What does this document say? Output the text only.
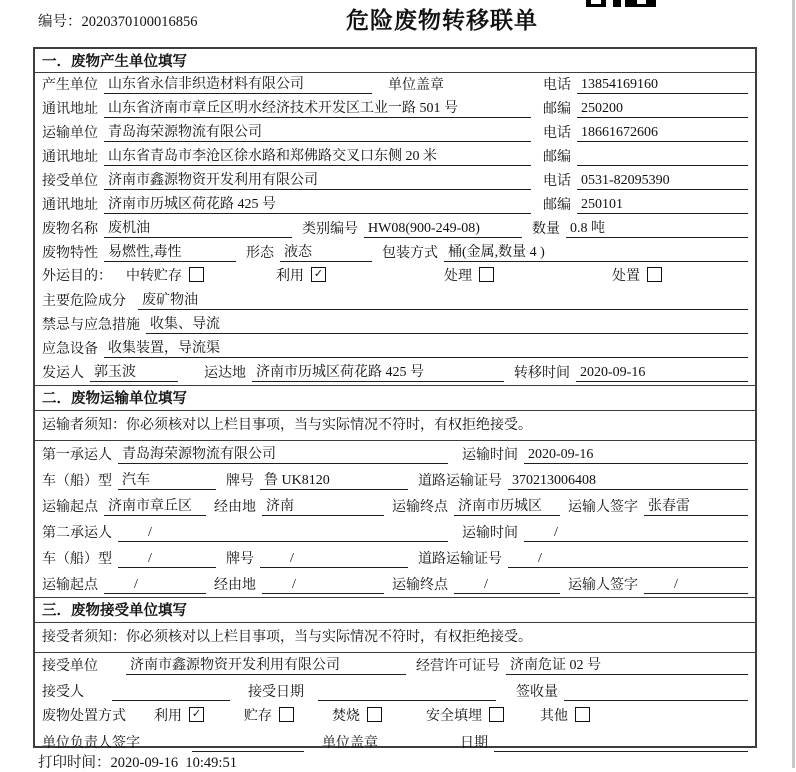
编号：2020370100016856	危险废物转移联单
一．废物产生单位填写
产生单位 山东省永信非织造材料有限公司	单位盖章	电话 13854169160
通讯地址 山东省济南市章丘区明水经济技术开发区工业一路 501 号	邮编 250200
运输单位 青岛海荣源物流有限公司	电话 18661672606
通讯地址 山东省青岛市李沧区徐水路和郑佛路交叉口东侧 20 米	邮编
接受单位 济南市鑫源物资开发利用有限公司	电话 0531-82095390
通讯地址 济南市历城区荷花路 425 号	邮编 250101
废物名称 废机油	类别编号 HW08(900-249-08)	数量 0.8 吨
废物特性 易燃性,毒性	形态 液态	包装方式 桶(金属,数量 4 )
外运目的： 中转贮存	利用 ✓	处理	处置
主要危险成分 废矿物油
禁忌与应急措施 收集、导流
应急设备 收集装置，导流渠
发运人 郭玉波	运达地 济南市历城区荷花路 425 号	转移时间 2020-09-16
二．废物运输单位填写
运输者须知：你必须核对以上栏目事项，当与实际情况不符时，有权拒绝接受。
第一承运人 青岛海荣源物流有限公司	运输时间 2020-09-16
车（船）型 汽车	牌号 鲁 UK8120	道路运输证号 370213006408
运输起点 济南市章丘区	经由地 济南	运输终点 济南市历城区	运输人签字 张春雷
第二承运人	/	运输时间	/
车（船）型	/	牌号	/	道路运输证号	/
运输起点	/	经由地	/	运输终点	/	运输人签字	/
三．废物接受单位填写
接受者须知：你必须核对以上栏目事项，当与实际情况不符时，有权拒绝接受。
接受单位 济南市鑫源物资开发利用有限公司	经营许可证号 济南危证 02 号
接受人	接受日期	签收量
废物处置方式 利用 ✓	贮存	焚烧	安全填埋	其他
单位负责人签字	单位盖章	日期
打印时间：2020-09-16  10:49:51
